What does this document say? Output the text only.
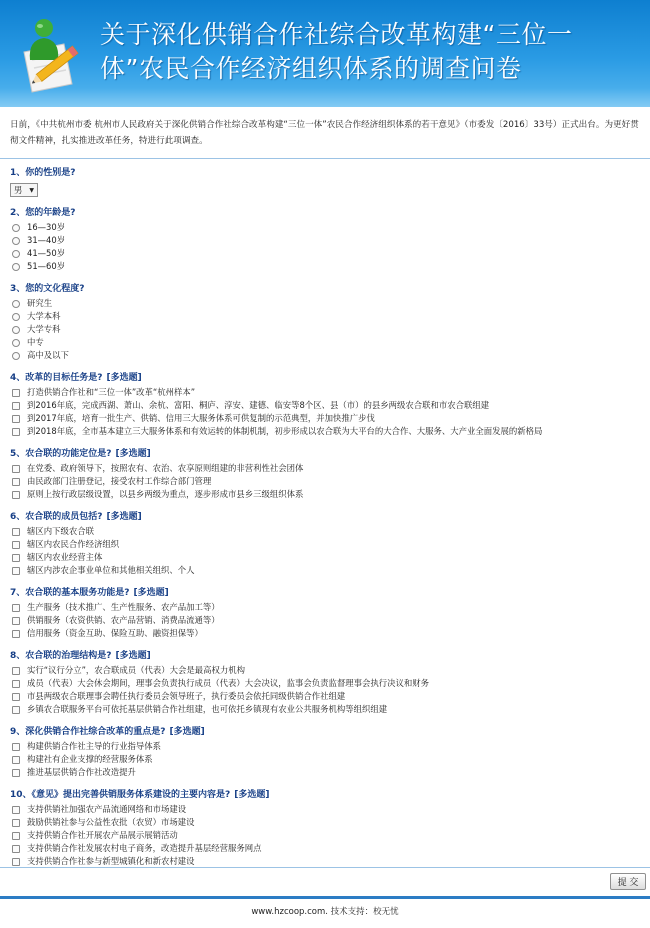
关于深化供销合作社综合改革构建“三位一
体”农民合作经济组织体系的调查问卷
日前，《中共杭州市委 杭州市人民政府关于深化供销合作社综合改革构建“三位一体”农民合作经济组织体系的若干意见》（市委发〔2016〕33号）正式出台。为更好贯彻文件精神，扎实推进改革任务，特进行此项调查。
1、你的性别是?
男 ▼
2、您的年龄是?
16—30岁
31—40岁
41—50岁
51—60岁
3、您的文化程度?
研究生
大学本科
大学专科
中专
高中及以下
4、改革的目标任务是? [多选题]
打造供销合作社和“三位一体”改革“杭州样本”
到2016年底，完成西湖、萧山、余杭、富阳、桐庐、淳安、建德、临安等8个区、县（市）的县乡两级农合联和市农合联组建
到2017年底，培育一批生产、供销、信用三大服务体系可供复制的示范典型，并加快推广步伐
到2018年底，全市基本建立三大服务体系和有效运转的体制机制，初步形成以农合联为大平台的大合作、大服务、大产业全面发展的新格局
5、农合联的功能定位是? [多选题]
在党委、政府领导下，按照农有、农治、农享原则组建的非营利性社会团体
由民政部门注册登记，接受农村工作综合部门管理
原则上按行政层级设置，以县乡两级为重点，逐步形成市县乡三级组织体系
6、农合联的成员包括? [多选题]
辖区内下级农合联
辖区内农民合作经济组织
辖区内农业经营主体
辖区内涉农企事业单位和其他相关组织、个人
7、农合联的基本服务功能是? [多选题]
生产服务（技术推广、生产性服务、农产品加工等）
供销服务（农资供销、农产品营销、消费品流通等）
信用服务（资金互助、保险互助、融资担保等）
8、农合联的治理结构是? [多选题]
实行“议行分立”，农合联成员（代表）大会是最高权力机构
成员（代表）大会休会期间，理事会负责执行成员（代表）大会决议，监事会负责监督理事会执行决议和财务
市县两级农合联理事会聘任执行委员会领导班子，执行委员会依托同级供销合作社组建
乡镇农合联服务平台可依托基层供销合作社组建，也可依托乡镇现有农业公共服务机构等组织组建
9、深化供销合作社综合改革的重点是? [多选题]
构建供销合作社主导的行业指导体系
构建社有企业支撑的经营服务体系
推进基层供销合作社改造提升
10、《意见》提出完善供销服务体系建设的主要内容是? [多选题]
支持供销社加强农产品流通网络和市场建设
鼓励供销社参与公益性农批（农贸）市场建设
支持供销合作社开展农产品展示展销活动
支持供销合作社发展农村电子商务，改造提升基层经营服务网点
支持供销合作社参与新型城镇化和新农村建设
提 交
www.hzcoop.com. 技术支持：校无忧
